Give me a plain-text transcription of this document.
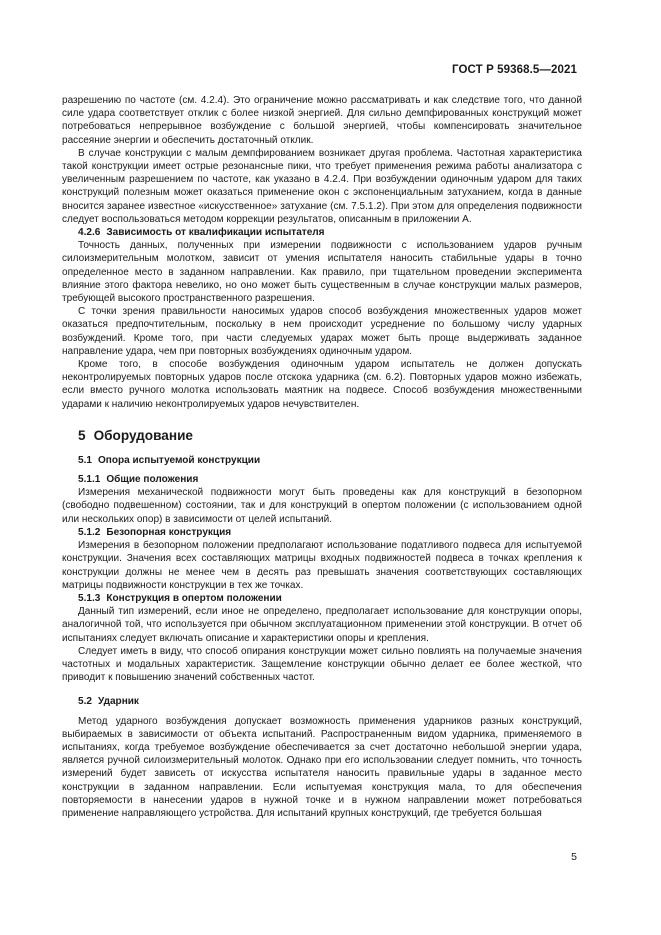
ГОСТ Р 59368.5—2021

разрешению по частоте (см. 4.2.4). Это ограничение можно рассматривать и как следствие того, что данной силе удара соответствует отклик с более низкой энергией. Для сильно демпфированных конструкций может потребоваться непрерывное возбуждение с большой энергией, чтобы компенсировать значительное рассеяние энергии и обеспечить достаточный отклик.

В случае конструкции с малым демпфированием возникает другая проблема. Частотная характеристика такой конструкции имеет острые резонансные пики, что требует применения режима работы анализатора с увеличенным разрешением по частоте, как указано в 4.2.4. При возбуждении одиночным ударом для таких конструкций полезным может оказаться применение окон с экспоненциальным затуханием, когда в данные вносится заранее известное «искусственное» затухание (см. 7.5.1.2). При этом для определения подвижности следует воспользоваться методом коррекции результатов, описанным в приложении А.

4.2.6 Зависимость от квалификации испытателя

Точность данных, полученных при измерении подвижности с использованием ударов ручным силоизмерительным молотком, зависит от умения испытателя наносить стабильные удары в точно определенное место в заданном направлении. Как правило, при тщательном проведении эксперимента влияние этого фактора невелико, но оно может быть существенным в случае конструкции малых размеров, требующей высокого пространственного разрешения.

С точки зрения правильности наносимых ударов способ возбуждения множественных ударов может оказаться предпочтительным, поскольку в нем происходит усреднение по большому числу ударных возбуждений. Кроме того, при части следуемых ударах может быть проще выдерживать заданное направление удара, чем при повторных возбуждениях одиночным ударом.

Кроме того, в способе возбуждения одиночным ударом испытатель не должен допускать неконтролируемых повторных ударов после отскока ударника (см. 6.2). Повторных ударов можно избежать, если вместо ручного молотка использовать маятник на подвесе. Способ возбуждения множественными ударами к наличию неконтролируемых ударов нечувствителен.

5 Оборудование
5.1 Опора испытуемой конструкции
5.1.1 Общие положения

Измерения механической подвижности могут быть проведены как для конструкций в безопорном (свободно подвешенном) состоянии, так и для конструкций в опертом положении (с использованием одной или нескольких опор) в зависимости от целей испытаний.

5.1.2 Безопорная конструкция

Измерения в безопорном положении предполагают использование податливого подвеса для испытуемой конструкции. Значения всех составляющих матрицы входных подвижностей подвеса в точках крепления к конструкции должны не менее чем в десять раз превышать значения соответствующих составляющих матрицы подвижности конструкции в тех же точках.

5.1.3 Конструкция в опертом положении

Данный тип измерений, если иное не определено, предполагает использование для конструкции опоры, аналогичной той, что используется при обычном эксплуатационном применении этой конструкции. В отчет об испытаниях следует включать описание и характеристики опоры и крепления.

Следует иметь в виду, что способ опирания конструкции может сильно повлиять на получаемые значения частотных и модальных характеристик. Защемление конструкции обычно делает ее более жесткой, что приводит к повышению значений собственных частот.

5.2 Ударник

Метод ударного возбуждения допускает возможность применения ударников разных конструкций, выбираемых в зависимости от объекта испытаний. Распространенным видом ударника, применяемого в испытаниях, когда требуемое возбуждение обеспечивается за счет достаточно небольшой энергии удара, является ручной силоизмерительный молоток. Однако при его использовании следует помнить, что точность измерений будет зависеть от искусства испытателя наносить правильные удары в заданное место конструкции в заданном направлении. Если испытуемая конструкция мала, то для обеспечения повторяемости в нанесении ударов в нужной точке и в нужном направлении может потребоваться применение направляющего устройства. Для испытаний крупных конструкций, где требуется большая

5
